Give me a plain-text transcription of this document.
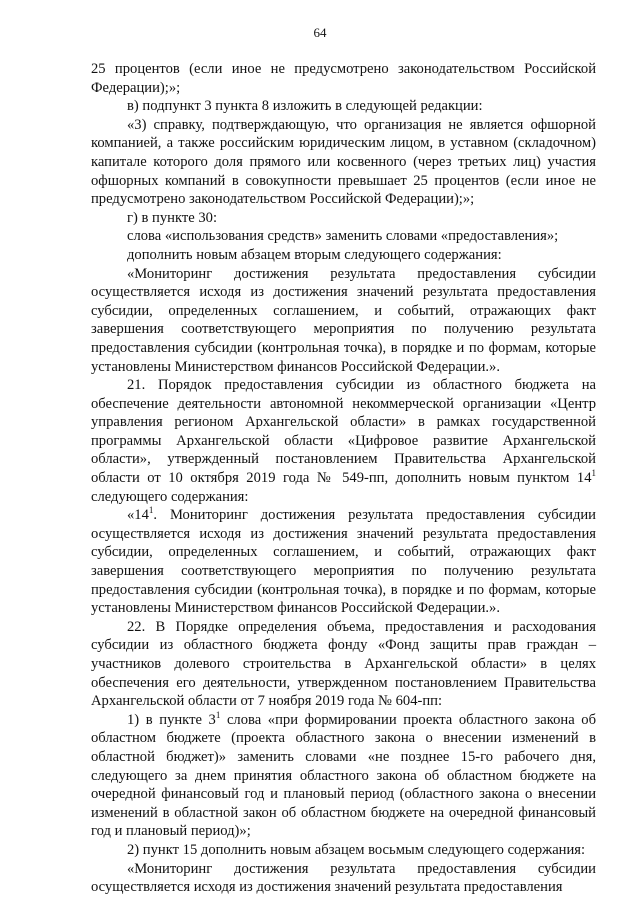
64

25 процентов (если иное не предусмотрено законодательством Российской Федерации);»;

в) подпункт 3 пункта 8 изложить в следующей редакции:

«3) справку, подтверждающую, что организация не является офшорной компанией, а также российским юридическим лицом, в уставном (складочном) капитале которого доля прямого или косвенного (через третьих лиц) участия офшорных компаний в совокупности превышает 25 процентов (если иное не предусмотрено законодательством Российской Федерации);»;

г) в пункте 30:

слова «использования средств» заменить словами «предоставления»;

дополнить новым абзацем вторым следующего содержания:

«Мониторинг достижения результата предоставления субсидии осуществляется исходя из достижения значений результата предоставления субсидии, определенных соглашением, и событий, отражающих факт завершения соответствующего мероприятия по получению результата предоставления субсидии (контрольная точка), в порядке и по формам, которые установлены Министерством финансов Российской Федерации.».

21. Порядок предоставления субсидии из областного бюджета на обеспечение деятельности автономной некоммерческой организации «Центр управления регионом Архангельской области» в рамках государственной программы Архангельской области «Цифровое развитие Архангельской области», утвержденный постановлением Правительства Архангельской области от 10 октября 2019 года № 549-пп, дополнить новым пунктом $14^1$ следующего содержания:

«$14^1$. Мониторинг достижения результата предоставления субсидии осуществляется исходя из достижения значений результата предоставления субсидии, определенных соглашением, и событий, отражающих факт завершения соответствующего мероприятия по получению результата предоставления субсидии (контрольная точка), в порядке и по формам, которые установлены Министерством финансов Российской Федерации.».

22. В Порядке определения объема, предоставления и расходования субсидии из областного бюджета фонду «Фонд защиты прав граждан – участников долевого строительства в Архангельской области» в целях обеспечения его деятельности, утвержденном постановлением Правительства Архангельской области от 7 ноября 2019 года № 604-пп:

1) в пункте $3^1$ слова «при формировании проекта областного закона об областном бюджете (проекта областного закона о внесении изменений в областной бюджет)» заменить словами «не позднее 15-го рабочего дня, следующего за днем принятия областного закона об областном бюджете на очередной финансовый год и плановый период (областного закона о внесении изменений в областной закон об областном бюджете на очередной финансовый год и плановый период)»;

2) пункт 15 дополнить новым абзацем восьмым следующего содержания:

«Мониторинг достижения результата предоставления субсидии осуществляется исходя из достижения значений результата предоставления
